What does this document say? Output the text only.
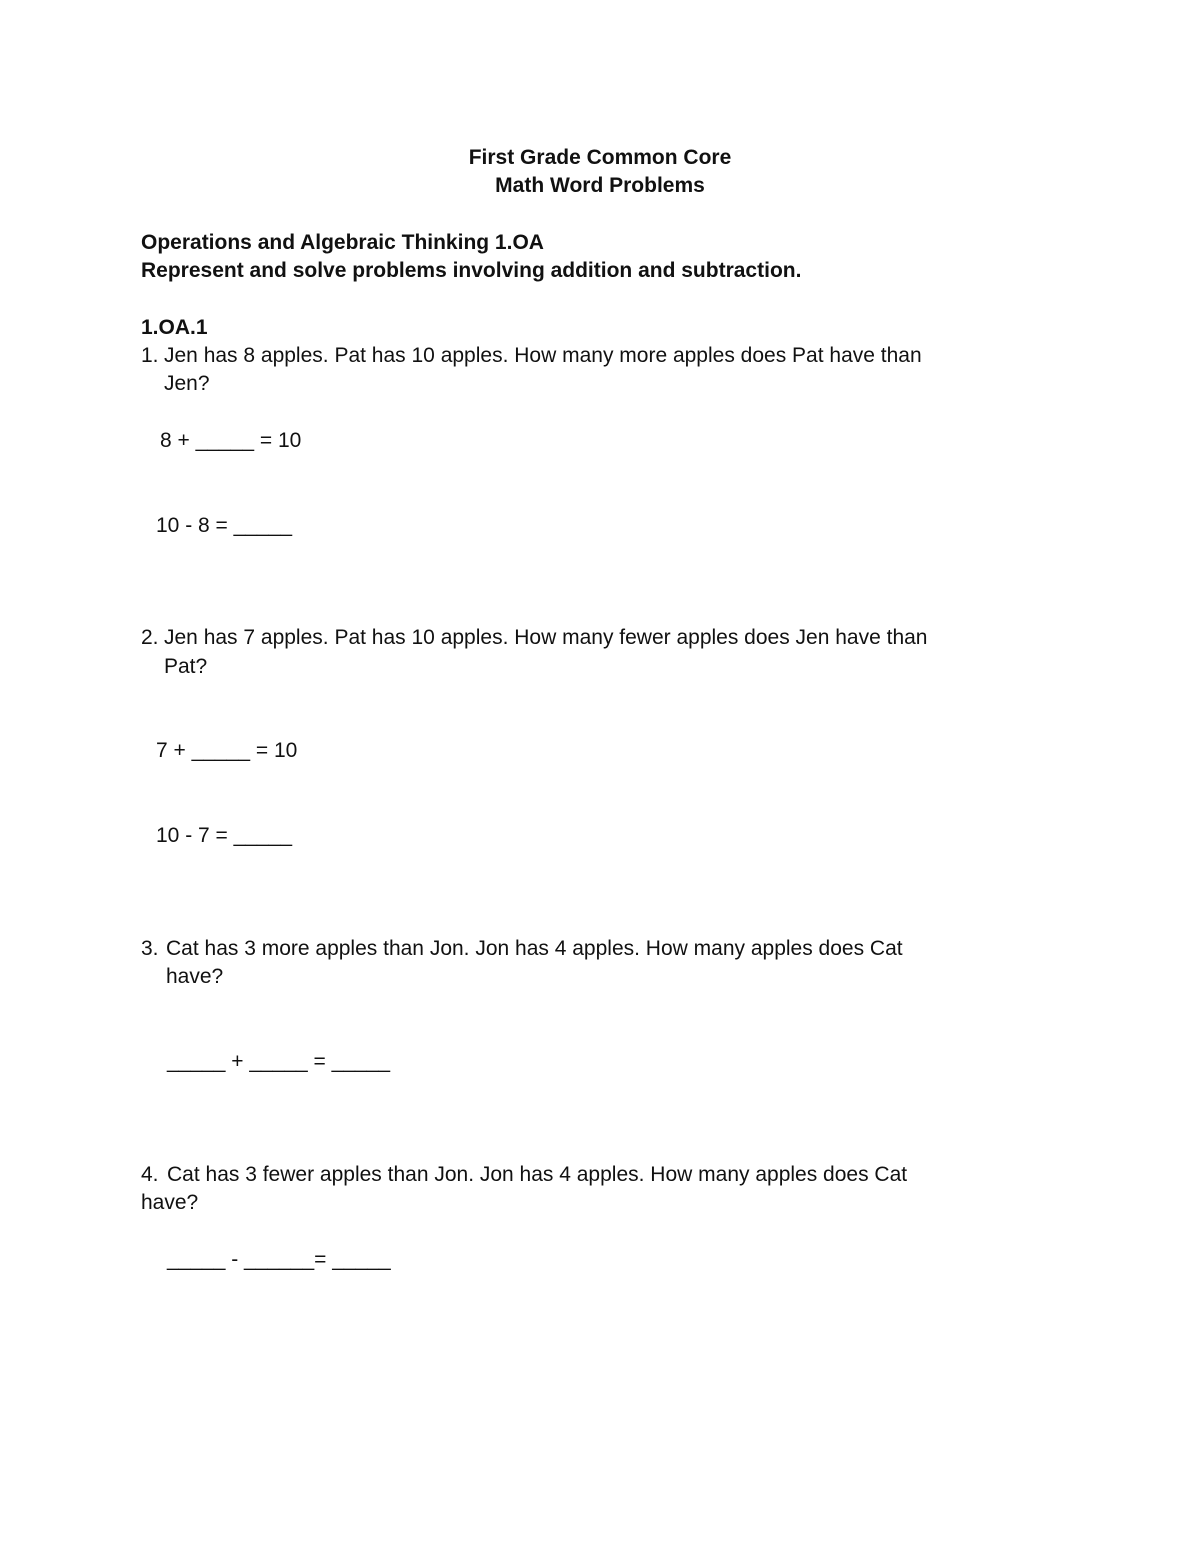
First Grade Common Core
Math Word Problems
Operations and Algebraic Thinking 1.OA
Represent and solve problems involving addition and subtraction.
1.OA.1
1. Jen has 8 apples. Pat has 10 apples. How many more apples does Pat have than
Jen?
8 + _____ = 10
10 - 8 = _____
2. Jen has 7 apples. Pat has 10 apples. How many fewer apples does Jen have than
Pat?
7 + _____ = 10
10 - 7 = _____
3. Cat has 3 more apples than Jon. Jon has 4 apples. How many apples does Cat
have?
_____ + _____ = _____
4. Cat has 3 fewer apples than Jon. Jon has 4 apples. How many apples does Cat
have?
_____ - ______= _____
